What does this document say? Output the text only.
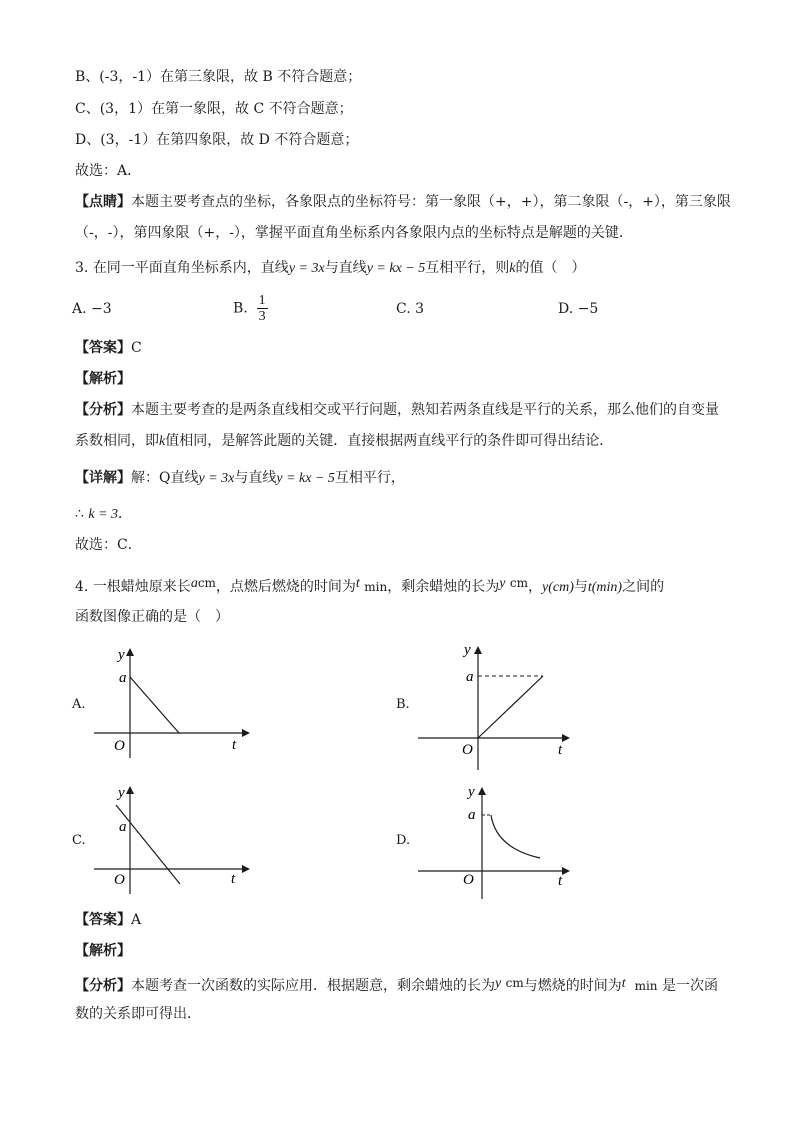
B、(-3，-1）在第三象限，故 B 不符合题意；
C、(3，1）在第一象限，故 C 不符合题意；
D、(3，-1）在第四象限，故 D 不符合题意；
故选：A．
【点睛】本题主要考查点的坐标，各象限点的坐标符号：第一象限（+，+），第二象限（-，+），第三象限
（-，-），第四象限（+，-），掌握平面直角坐标系内各象限内点的坐标特点是解题的关键．
3. 在同一平面直角坐标系内，直线y = 3x与直线y = kx − 5互相平行，则k的值（　）
A. −3	B. $\frac{1}{3}$	C. 3	D. −5
【答案】C
【解析】
【分析】本题主要考查的是两条直线相交或平行问题，熟知若两条直线是平行的关系，那么他们的自变量
系数相同，即k值相同，是解答此题的关键．直接根据两直线平行的条件即可得出结论．
【详解】解：Q直线y = 3x与直线y = kx − 5互相平行，
∴ k = 3．
故选：C．
4. 一根蜡烛原来长acm，点燃后燃烧的时间为t min，剩余蜡烛的长为y cm，y(cm)与t(min)之间的
函数图像正确的是（　）
A.
y
a
O	t
B.
y
a
O	t
C.
y
a
O	t
D.
y
a
O	t
【答案】A
【解析】
【分析】本题考查一次函数的实际应用．根据题意，剩余蜡烛的长为y cm与燃烧的时间为t min 是一次函
数的关系即可得出．
